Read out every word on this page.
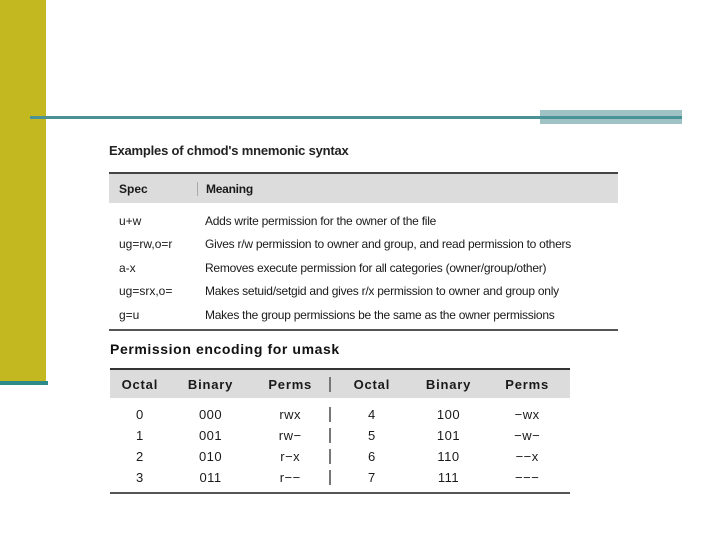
Examples of chmod's mnemonic syntax
Spec	Meaning
u+w	Adds write permission for the owner of the file
ug=rw,o=r	Gives r/w permission to owner and group, and read permission to others
a-x	Removes execute permission for all categories (owner/group/other)
ug=srx,o=	Makes setuid/setgid and gives r/x permission to owner and group only
g=u	Makes the group permissions be the same as the owner permissions
Permission encoding for umask
Octal	Binary	Perms	Octal	Binary	Perms
0	000	rwx	4	100	−wx
1	001	rw−	5	101	−w−
2	010	r−x	6	110	−−x
3	011	r−−	7	111	−−−
